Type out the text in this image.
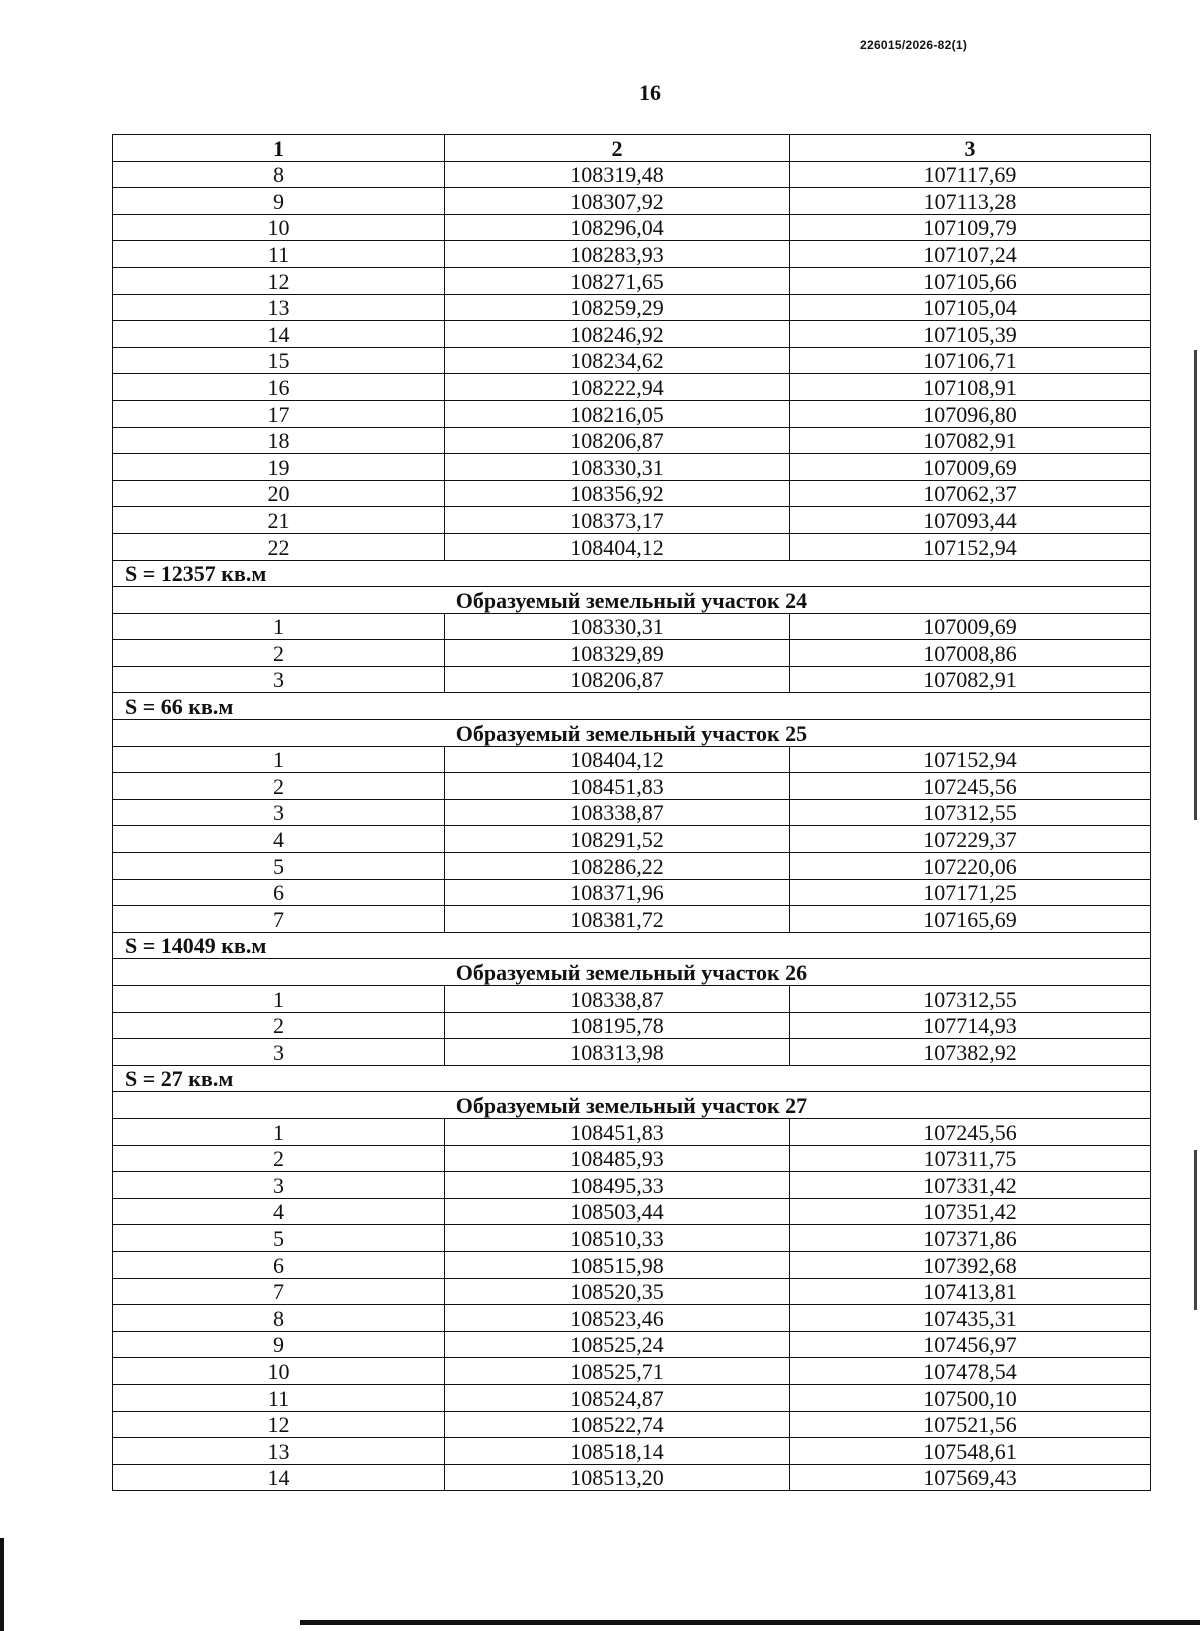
226015/2026-82(1)
16
1	2	3
8	108319,48	107117,69
9	108307,92	107113,28
10	108296,04	107109,79
11	108283,93	107107,24
12	108271,65	107105,66
13	108259,29	107105,04
14	108246,92	107105,39
15	108234,62	107106,71
16	108222,94	107108,91
17	108216,05	107096,80
18	108206,87	107082,91
19	108330,31	107009,69
20	108356,92	107062,37
21	108373,17	107093,44
22	108404,12	107152,94
S = 12357 кв.м		
Образуемый земельный участок 24		
1	108330,31	107009,69
2	108329,89	107008,86
3	108206,87	107082,91
S = 66 кв.м		
Образуемый земельный участок 25		
1	108404,12	107152,94
2	108451,83	107245,56
3	108338,87	107312,55
4	108291,52	107229,37
5	108286,22	107220,06
6	108371,96	107171,25
7	108381,72	107165,69
S = 14049 кв.м		
Образуемый земельный участок 26		
1	108338,87	107312,55
2	108195,78	107714,93
3	108313,98	107382,92
S = 27 кв.м		
Образуемый земельный участок 27		
1	108451,83	107245,56
2	108485,93	107311,75
3	108495,33	107331,42
4	108503,44	107351,42
5	108510,33	107371,86
6	108515,98	107392,68
7	108520,35	107413,81
8	108523,46	107435,31
9	108525,24	107456,97
10	108525,71	107478,54
11	108524,87	107500,10
12	108522,74	107521,56
13	108518,14	107548,61
14	108513,20	107569,43
